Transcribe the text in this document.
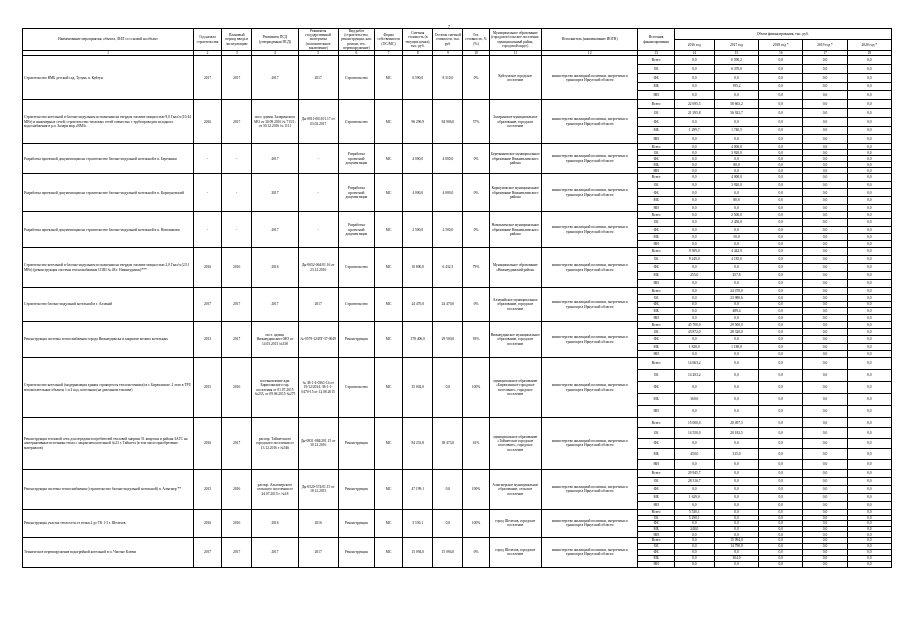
7
Наименование мероприятия, объекта, ЛИЛ со ссылкой на объект	Год начала строительства	Плановый период ввода в эксплуатацию	Реквизиты ПСД (утвержденная ПСД)	Реквизиты государственной экспертизы (положительное заключение)	Вид работ (строительство, реконструкция, кап. ремонт, тех. перевооружение)	Форма собственности (ОС/МС)	Сметная стоимость (в текущих ценах), тыс. руб.	Остаток сметной стоимости, тыс. руб.	Тех. готовность, % (%)	Муниципальное образование (городское/сельское поселение, муниципальный район, городской округ)	Исполнитель (наименование ИОГВ)	Источник финансирования	Объем финансирования, тыс. руб.				
													2016 год	2017 год	2018 год *	2019 год *	2020 год *
1	2	3	4	5	6	7	8	9	10	11	12	13	14	15	16	17	18
Строительство ВМБ детский сад, Тулунь п. Куйтун	2017	2017	2017	2017	Строительство	МС	6 590,0	8 310,0	0%	Куйтунское городское поселение	министерство жилищной политики, энергетики и транспорта Иркутской области	Всего	0,0	6 590,2	0,0	0,0	0,0
												ОБ	0,0	6 370,0	0,0	0,0	0,0
												ФБ	0,0	0,0	0,0	0,0	0,0
												МБ	0,0	195,2	0,0	0,0	0,0
												НИ	0,0	0,0	0,0	0,0	0,0
Строительство котельной в блочно-модульном исполнении на твердом топливе мощностью 9,0 Гкал/ч (10,44 МВт) и инженерных сетей; строительство тепловых сетей совместно с трубопроводом холодного водоснабжения в р.п. Залари мкр «ВМЗ»	2016	2017	пост. админ. Заларинского МО от 30.09.2016 № 715/1; от 30.12.2016 № 1111	Дн-0811-001101.17 от 03.02.2017	Строительство	МС	96 296,9	84 906,0	57%	Заларинское муниципальное образование, городское поселение	министерство жилищной политики, энергетики и транспорта Иркутской области	Всего	22 695,5	58 663,2	0,0	0,0	0,0
												ОБ	21 395,8	56 922,7	0,0	0,0	0,0
												ФБ	0,0	0,0	0,0	0,0	0,0
												МБ	1 299,7	1 740,5	0,0	0,0	0,0
												НИ	0,0	0,0	0,0	0,0	0,0
Разработка проектной документации на строительство блочно-модульной котельной в п. Березняки	-	-	2017	-	Разработка проектной документации	МС	4 000,0	4 000,0	0%	Березняковское муниципальное образование Нижнеилимского района	министерство жилищной политики, энергетики и транспорта Иркутской области	Всего	0,0	4 000,0	0,0	0,0	0,0
												ОБ	0,0	3 920,0	0,0	0,0	0,0
												ФБ	0,0	0,0	0,0	0,0	0,0
												МБ	0,0	80,0	0,0	0,0	0,0
												НИ	0,0	0,0	0,0	0,0	0,0
Разработка проектной документации на строительство блочно-модульной котельной в п. Коршуновский	-	-	2017	-	Разработка проектной документации	МС	4 000,0	4 000,0	0%	Коршуновское муниципальное образование Нижнеилимского района	министерство жилищной политики, энергетики и транспорта Иркутской области	Всего	0,0	4 000,0	0,0	0,0	0,0
												ОБ	0,0	3 920,0	0,0	0,0	0,0
												ФБ	0,0	0,0	0,0	0,0	0,0
												МБ	0,0	80,0	0,0	0,0	0,0
												НИ	0,0	0,0	0,0	0,0	0,0
Разработка проектной документации на строительство блочно-модульной котельной в п. Новоилимск	-	-	2017	-	Разработка проектной документации	МС	2 500,0	2 500,0	0%	Новоилимское муниципальное образование Нижнеилимского района	министерство жилищной политики, энергетики и транспорта Иркутской области	Всего	0,0	2 500,0	0,0	0,0	0,0
												ОБ	0,0	2 450,0	0,0	0,0	0,0
												ФБ	0,0	0,0	0,0	0,0	0,0
												МБ	0,0	50,0	0,0	0,0	0,0
												НИ	0,0	0,0	0,0	0,0	0,0
Строительство котельной в блочно-модульном исполнении на твердом топливе мощностью 2,0 Гкал/ч (2,51 МВт) (реконструкция системы теплоснабжения СОШ № 48 г. Нижнеудинск)***	2016	2016	2016	Дн-0652-064/01.16 от 23.12.2016	Строительство	МС	10 800,0	6 432,5	79%	Муниципальное образование «Нижнеудинский район»	министерство жилищной политики, энергетики и транспорта Иркутской области	Всего	9 509,0	4 442,9	0,0	0,0	0,0
												ОБ	9 249,0	4 185,0	0,0	0,0	0,0
												ФБ	0,0	0,0	0,0	0,0	0,0
												МБ	255,0	257,8	0,0	0,0	0,0
												НИ	0,0	0,0	0,0	0,0	0,0
Строительство блочно-модульной котельной в г. Алзамай	2017	2017	2017	2017	Строительство	МС	24 470,0	24 470,0	0%	Алзамайское муниципальное образование, городское поселение	министерство жилищной политики, энергетики и транспорта Иркутской области	Всего	0,0	24 470,0	0,0	0,0	0,0
												ОБ	0,0	23 980,6	0,0	0,0	0,0
												ФБ	0,0	0,0	0,0	0,0	0,0
												МБ	0,0	489,4	0,0	0,0	0,0
												НИ	0,0	0,0	0,0	0,0	0,0
Реконструкция системы теплоснабжения города Нижнеудинска и закрытие мелких котельных	2013	2017	пост. админ. Нижнеудинского МО от 14.03.2013 №338	№-0579-12/ИТ-37-0049	Реконструкция	МС	378 406,0	29 500,0	93%	Нижнеудинское муниципальное образование, городское поселение	министерство жилищной политики, энергетики и транспорта Иркутской области	Всего	45 700,0	29 500,0	0,0	0,0	0,0
												ОБ	43 872,0	28 320,0	0,0	0,0	0,0
												ФБ	0,0	0,0	0,0	0,0	0,0
												МБ	1 828,0	1 180,0	0,0	0,0	0,0
												НИ	0,0	0,0	0,0	0,0	0,0
Строительство котельной (модернизация здания строящегося теплоисточника) в г. Бирюсинске. 2 этап в ТРУ, вспомогательные объекты 1 и 2 под. котельная (на дизельном топливе)	2015	2016	постановление адм. Бирюсинского гор. поселения от 01.07.2015 №233, от 09.06.2015 №275	№ 38-1-4-0361-14 от 19/12/2014, 38-1-1-0470-15 от 12.08.2015	Строительство	МС	35 002,0	0,0	100%	муниципальное образование «Бирюсинское городское поселение», городское поселение	министерство жилищной политики, энергетики и транспорта Иркутской области	Всего	14 663,2	0,0	0,0	0,0	0,0
												ОБ	14 203,2	0,0	0,0	0,0	0,0
												ФБ	0,0	0,0	0,0	0,0	0,0
												МБ	360,0	0,0	0,0	0,0	0,0
												НИ	0,0	0,0	0,0	0,0	0,0
Реконструкция тепловой сети для передачи потребителей тепловой энергии 51 квартала и района ЗАГС на альтернативные источники тепла с закрытием котельной №23 г. Тайшета (в том числе приобретение материалов)	2016	2017	распор. Тайшетского городского поселения от 13.12.2016 г №546	Дн-0831-084/201.15 от 30.12.2016	Реконструкция	МС	84 253,8	38 473,0	61%	муниципальное образование «Тайшетское городское поселение», городское поселение	министерство жилищной политики, энергетики и транспорта Иркутской области	Всего	15 000,0	20 497,5	0,0	0,0	0,0
												ОБ	14 550,0	20 182,5	0,0	0,0	0,0
												ФБ	0,0	0,0	0,0	0,0	0,0
												МБ	450,0	315,0	0,0	0,0	0,0
												НИ	0,0	0,0	0,0	0,0	0,0
Реконструкция системы теплоснабжения (строительство блочно-модульной котельной) п. Алыгжер **	2015	2016	распор. Алыгжерского сельского поселения от 24.07.2015 г. №18	Дн-0520-374/01.15 от 18.12.2015	Реконструкция	МС	47 199,1	0,0	100%	Алыгжерское муниципальное образование, сельское поселение	министерство жилищной политики, энергетики и транспорта Иркутской области	Всего	29 945,7	0,0	0,0	0,0	0,0
												ОБ	28 316,7	0,0	0,0	0,0	0,0
												ФБ	0,0	0,0	0,0	0,0	0,0
												МБ	1 629,0	0,0	0,0	0,0	0,0
												НИ	0,0	0,0	0,0	0,0	0,0
Реконструкция участка теплосети от точки 2 до ТК 1-3 г. Шелехов	2016	2016	2016	2016	Реконструкция	МС	5 530,1	0,0	100%	город Шелехов, городское поселение	министерство жилищной политики, энергетики и транспорта Иркутской области	Всего	5 530,1	0,0	0,0	0,0	0,0
												ОБ	5 290,1	0,0	0,0	0,0	0,0
												ФБ	0,0	0,0	0,0	0,0	0,0
												МБ	240,0	0,0	0,0	0,0	0,0
												НИ	0,0	0,0	0,0	0,0	0,0
Техническое перевооружение водогрейной котельной в п. Чистые Ключи	2017	2017	2017	2017	Реконструкция	МС	15 094,0	15 094,0	0%	город Шелехов, городское поселение	министерство жилищной политики, энергетики и транспорта Иркутской области	Всего	0,0	15 094,0	0,0	0,0	0,0
												ОБ	0,0	14 790,0	0,0	0,0	0,0
												ФБ	0,0	0,0	0,0	0,0	0,0
												МБ	0,0	304,0	0,0	0,0	0,0
												НИ	0,0	0,0	0,0	0,0	0,0
